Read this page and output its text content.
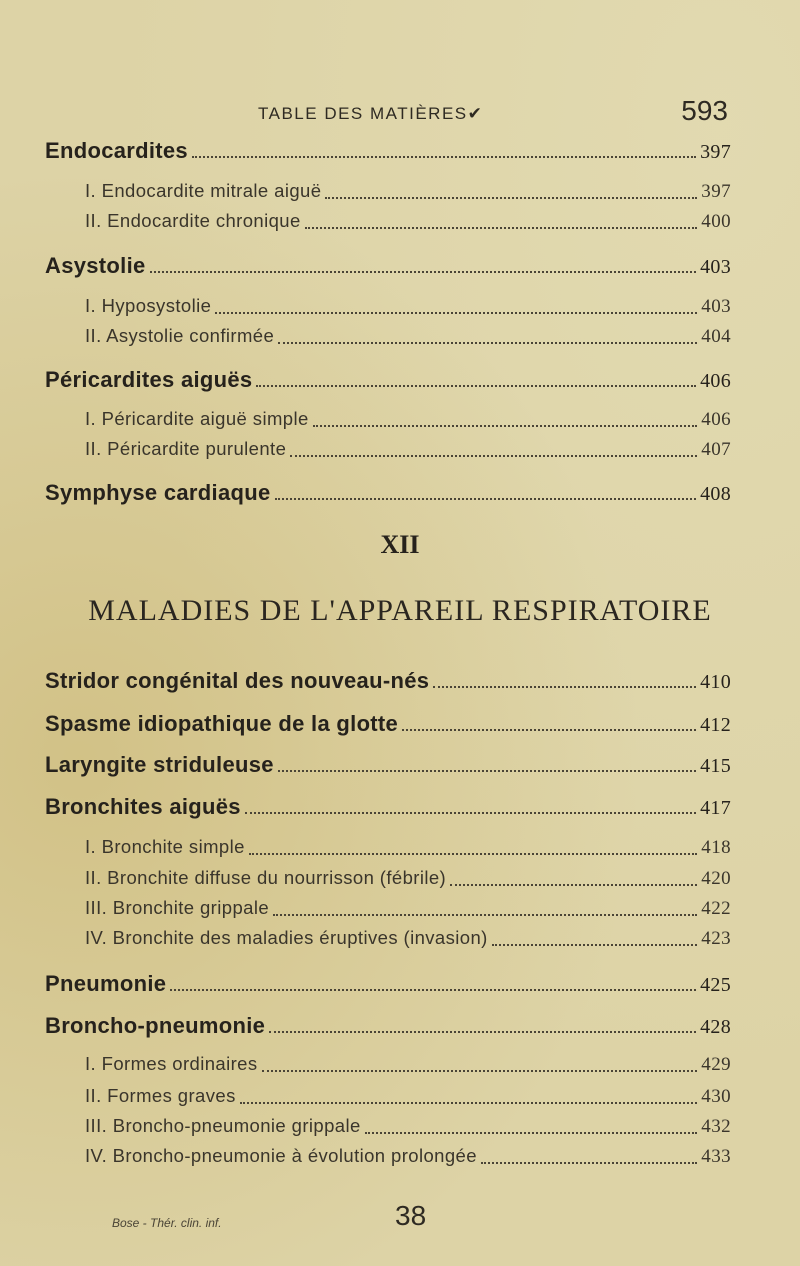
TABLE DES MATIÈRES✔	593
Endocardites	397
I. Endocardite mitrale aiguë	397
II. Endocardite chronique	400
Asystolie	403
I. Hyposystolie	403
II. Asystolie confirmée	404
Péricardites aiguës	406
I. Péricardite aiguë simple	406
II. Péricardite purulente	407
Symphyse cardiaque	408
XII
MALADIES DE L'APPAREIL RESPIRATOIRE
Stridor congénital des nouveau-nés	410
Spasme idiopathique de la glotte	412
Laryngite striduleuse	415
Bronchites aiguës	417
I. Bronchite simple	418
II. Bronchite diffuse du nourrisson (fébrile)	420
III. Bronchite grippale	422
IV. Bronchite des maladies éruptives (invasion)	423
Pneumonie	425
Broncho-pneumonie	428
I. Formes ordinaires	429
II. Formes graves	430
III. Broncho-pneumonie grippale	432
IV. Broncho-pneumonie à évolution prolongée	433
Bose - Thér. clin. inf.	38
